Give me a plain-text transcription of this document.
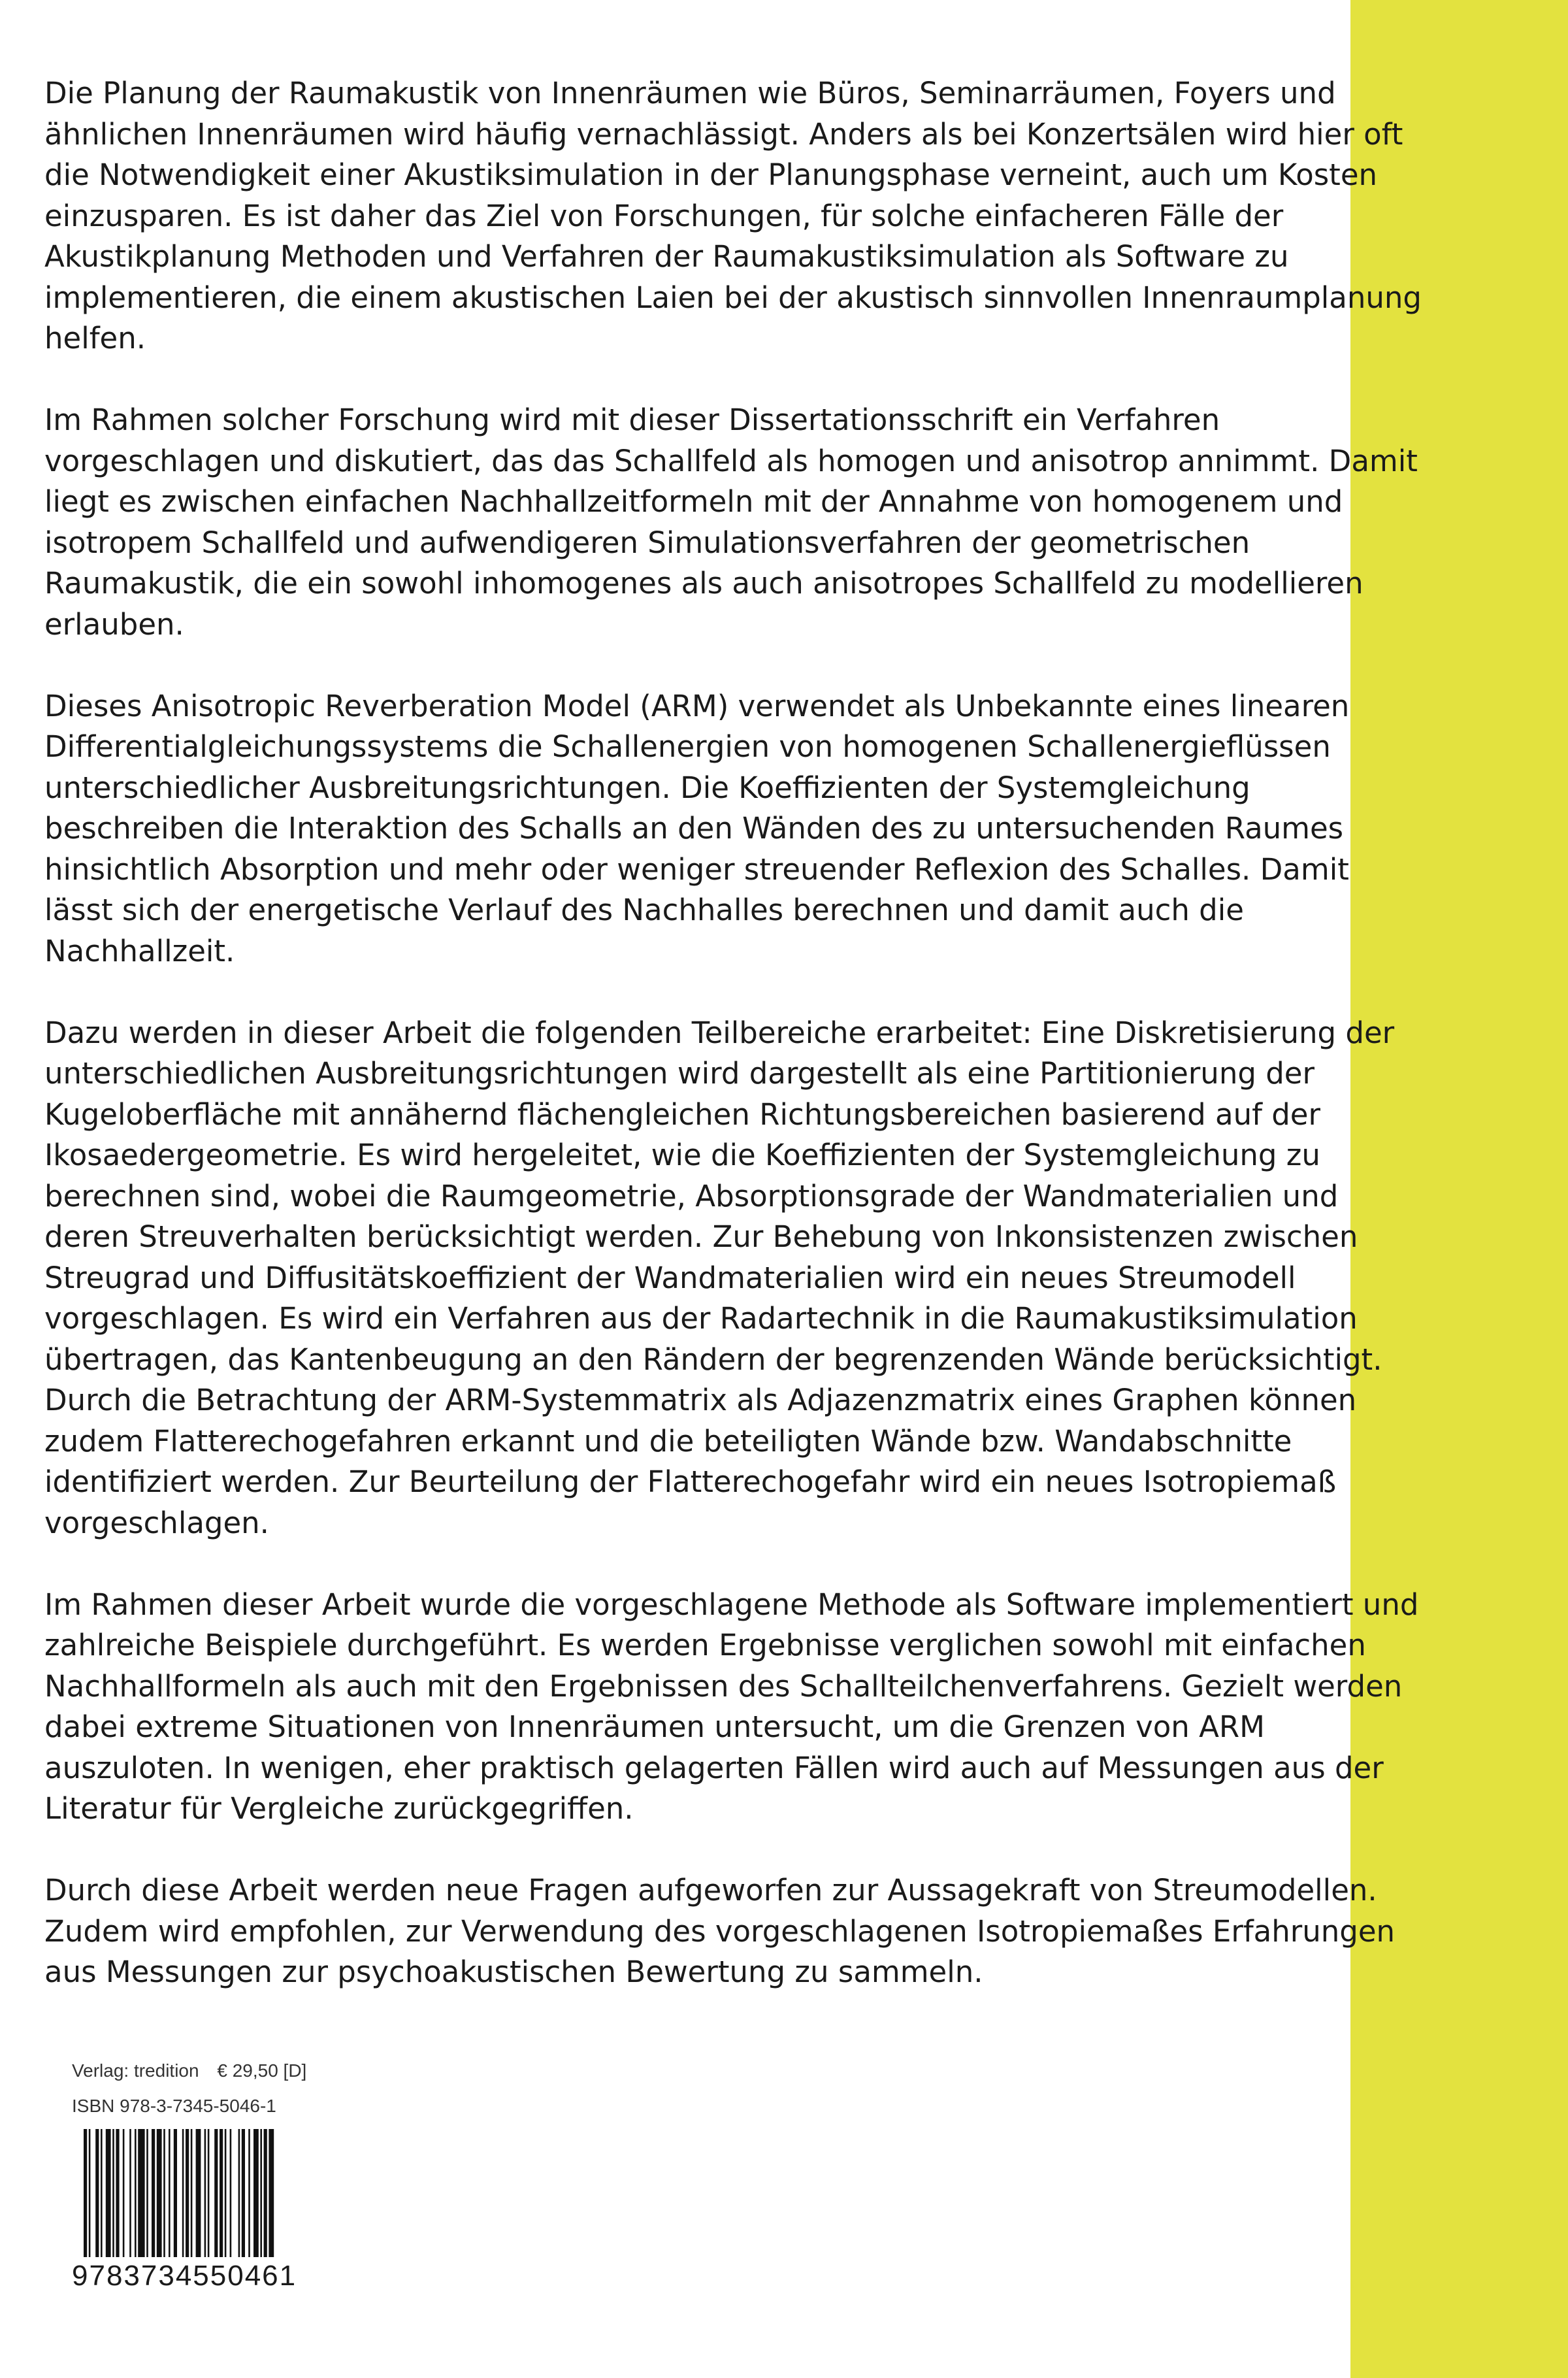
Die Planung der Raumakustik von Innenräumen wie Büros, Seminarräumen, Foyers und
ähnlichen Innenräumen wird häufig vernachlässigt. Anders als bei Konzertsälen wird hier oft
die Notwendigkeit einer Akustiksimulation in der Planungsphase verneint, auch um Kosten
einzusparen. Es ist daher das Ziel von Forschungen, für solche einfacheren Fälle der
Akustikplanung Methoden und Verfahren der Raumakustiksimulation als Software zu
implementieren, die einem akustischen Laien bei der akustisch sinnvollen Innenraumplanung
helfen.
Im Rahmen solcher Forschung wird mit dieser Dissertationsschrift ein Verfahren
vorgeschlagen und diskutiert, das das Schallfeld als homogen und anisotrop annimmt. Damit
liegt es zwischen einfachen Nachhallzeitformeln mit der Annahme von homogenem und
isotropem Schallfeld und aufwendigeren Simulationsverfahren der geometrischen
Raumakustik, die ein sowohl inhomogenes als auch anisotropes Schallfeld zu modellieren
erlauben.
Dieses Anisotropic Reverberation Model (ARM) verwendet als Unbekannte eines linearen
Differentialgleichungssystems die Schallenergien von homogenen Schallenergieflüssen
unterschiedlicher Ausbreitungsrichtungen. Die Koeffizienten der Systemgleichung
beschreiben die Interaktion des Schalls an den Wänden des zu untersuchenden Raumes
hinsichtlich Absorption und mehr oder weniger streuender Reflexion des Schalles. Damit
lässt sich der energetische Verlauf des Nachhalles berechnen und damit auch die
Nachhallzeit.
Dazu werden in dieser Arbeit die folgenden Teilbereiche erarbeitet: Eine Diskretisierung der
unterschiedlichen Ausbreitungsrichtungen wird dargestellt als eine Partitionierung der
Kugeloberfläche mit annähernd flächengleichen Richtungsbereichen basierend auf der
Ikosaedergeometrie. Es wird hergeleitet, wie die Koeffizienten der Systemgleichung zu
berechnen sind, wobei die Raumgeometrie, Absorptionsgrade der Wandmaterialien und
deren Streuverhalten berücksichtigt werden. Zur Behebung von Inkonsistenzen zwischen
Streugrad und Diffusitätskoeffizient der Wandmaterialien wird ein neues Streumodell
vorgeschlagen. Es wird ein Verfahren aus der Radartechnik in die Raumakustiksimulation
übertragen, das Kantenbeugung an den Rändern der begrenzenden Wände berücksichtigt.
Durch die Betrachtung der ARM-Systemmatrix als Adjazenzmatrix eines Graphen können
zudem Flatterechogefahren erkannt und die beteiligten Wände bzw. Wandabschnitte
identifiziert werden. Zur Beurteilung der Flatterechogefahr wird ein neues Isotropiemaß
vorgeschlagen.
Im Rahmen dieser Arbeit wurde die vorgeschlagene Methode als Software implementiert und
zahlreiche Beispiele durchgeführt. Es werden Ergebnisse verglichen sowohl mit einfachen
Nachhallformeln als auch mit den Ergebnissen des Schallteilchenverfahrens. Gezielt werden
dabei extreme Situationen von Innenräumen untersucht, um die Grenzen von ARM
auszuloten. In wenigen, eher praktisch gelagerten Fällen wird auch auf Messungen aus der
Literatur für Vergleiche zurückgegriffen.
Durch diese Arbeit werden neue Fragen aufgeworfen zur Aussagekraft von Streumodellen.
Zudem wird empfohlen, zur Verwendung des vorgeschlagenen Isotropiemaßes Erfahrungen
aus Messungen zur psychoakustischen Bewertung zu sammeln.
Verlag: tredition € 29,50 [D]
ISBN 978-3-7345-5046-1
9783734550461
